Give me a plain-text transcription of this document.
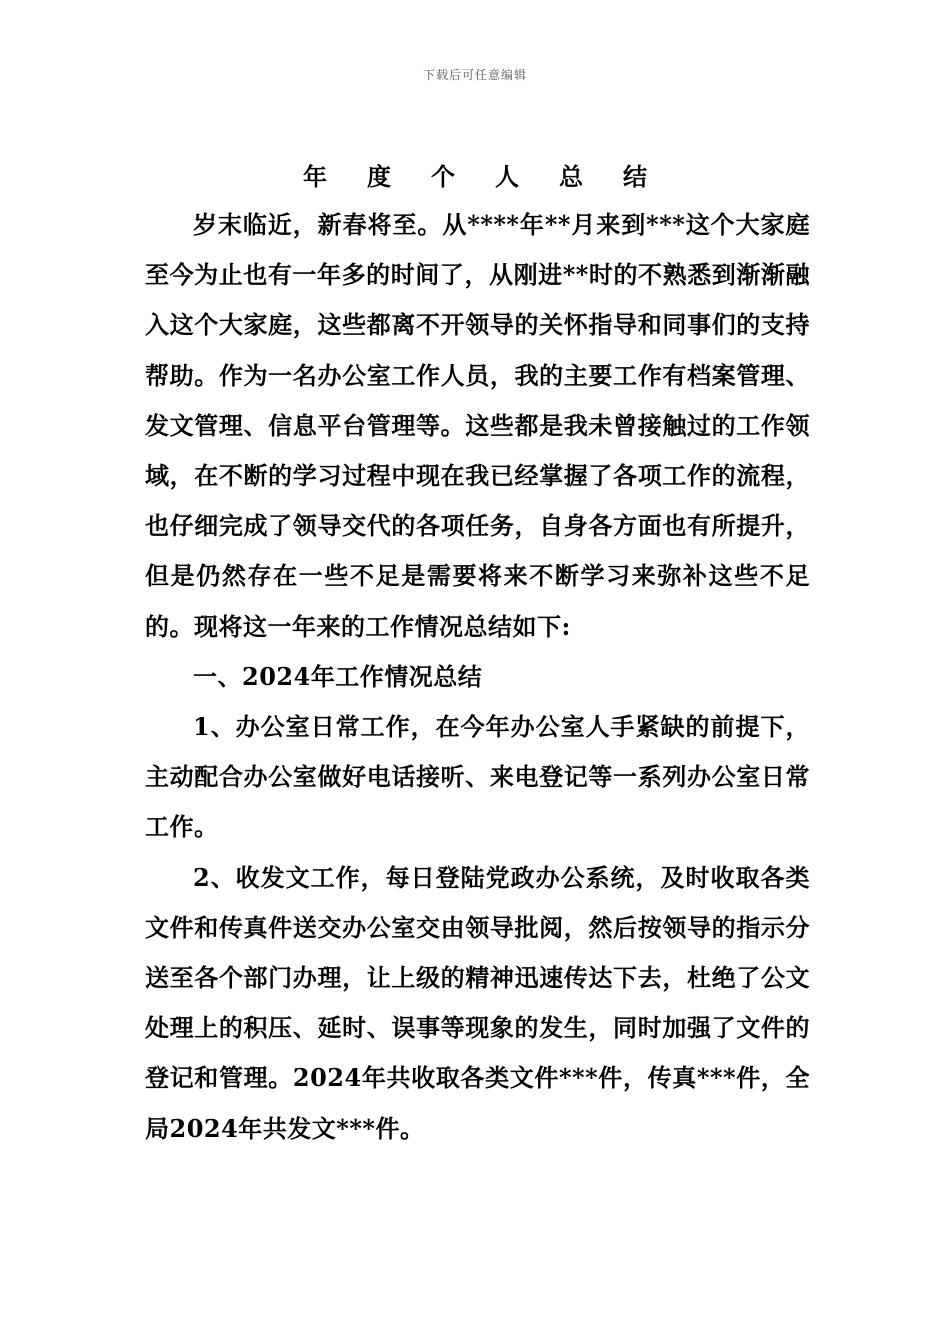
下载后可任意编辑
年度个人总结

岁末临近，新春将至。从****年**月来到***这个大家庭至今为止也有一年多的时间了，从刚进**时的不熟悉到渐渐融入这个大家庭，这些都离不开领导的关怀指导和同事们的支持帮助。作为一名办公室工作人员，我的主要工作有档案管理、发文管理、信息平台管理等。这些都是我未曾接触过的工作领域，在不断的学习过程中现在我已经掌握了各项工作的流程，也仔细完成了领导交代的各项任务，自身各方面也有所提升，但是仍然存在一些不足是需要将来不断学习来弥补这些不足的。现将这一年来的工作情况总结如下:

一、2024年工作情况总结

1、办公室日常工作，在今年办公室人手紧缺的前提下，主动配合办公室做好电话接听、来电登记等一系列办公室日常工作。

2、收发文工作，每日登陆党政办公系统，及时收取各类文件和传真件送交办公室交由领导批阅，然后按领导的指示分送至各个部门办理，让上级的精神迅速传达下去，杜绝了公文处理上的积压、延时、误事等现象的发生，同时加强了文件的登记和管理。2024年共收取各类文件***件，传真***件，全局2024年共发文***件。
